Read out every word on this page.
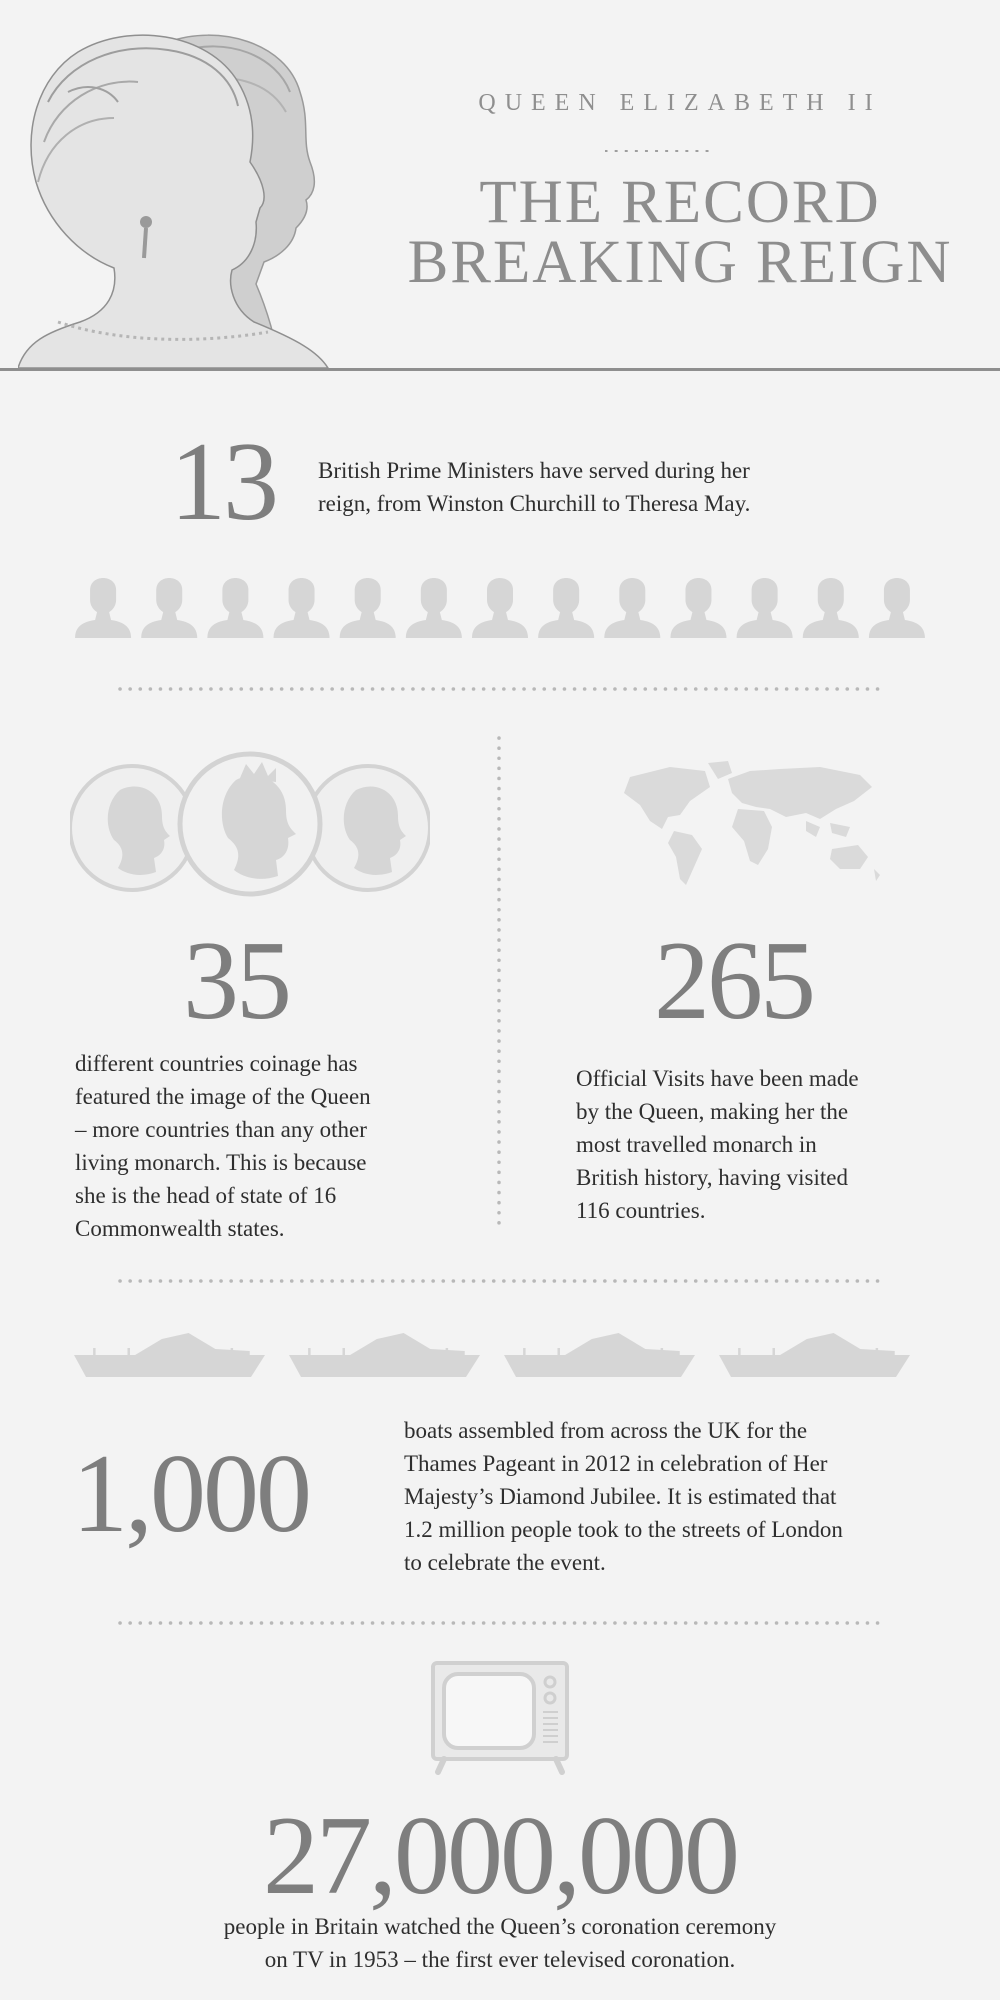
QUEEN ELIZABETH II
THE RECORD
BREAKING REIGN
13 British Prime Ministers have served during her
reign, from Winston Churchill to Theresa May.
35
different countries coinage has
featured the image of the Queen
– more countries than any other
living monarch. This is because
she is the head of state of 16
Commonwealth states.
265
Official Visits have been made
by the Queen, making her the
most travelled monarch in
British history, having visited
116 countries.
1,000
boats assembled from across the UK for the
Thames Pageant in 2012 in celebration of Her
Majesty’s Diamond Jubilee. It is estimated that
1.2 million people took to the streets of London
to celebrate the event.
27,000,000
people in Britain watched the Queen’s coronation ceremony
on TV in 1953 – the first ever televised coronation.
